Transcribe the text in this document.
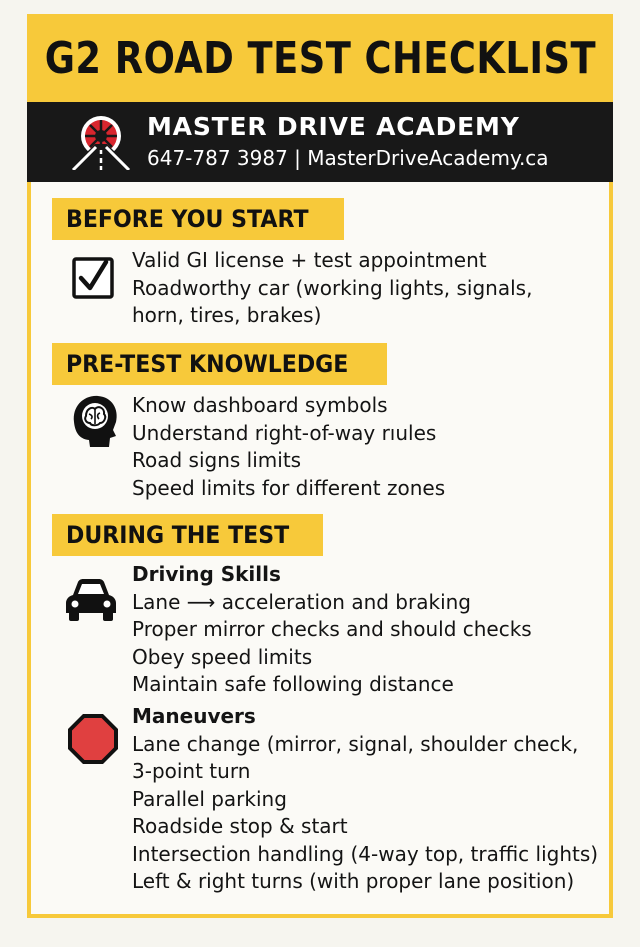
G2 ROAD TEST CHECKLIST
MASTER DRIVE ACADEMY
647-787 3987 | MasterDriveAcademy.ca
BEFORE YOU START
Valid GI license + test appointment
Roadworthy car (working lights, signals,
horn, tires, brakes)
PRE-TEST KNOWLEDGE
Know dashboard symbols
Understand right-of-way rıules
Road signs limits
Speed limits for different zones
DURING THE TEST
Driving Skills
Lane ⟶ acceleration and braking
Proper mirror checks and should checks
Obey speed limits
Maintain safe following distance
Maneuvers
Lane change (mirror, signal, shoulder check,
3-point turn
Parallel parking
Roadside stop & start
Intersection handling (4-way top, traffic lights)
Left & right turns (with proper lane position)
